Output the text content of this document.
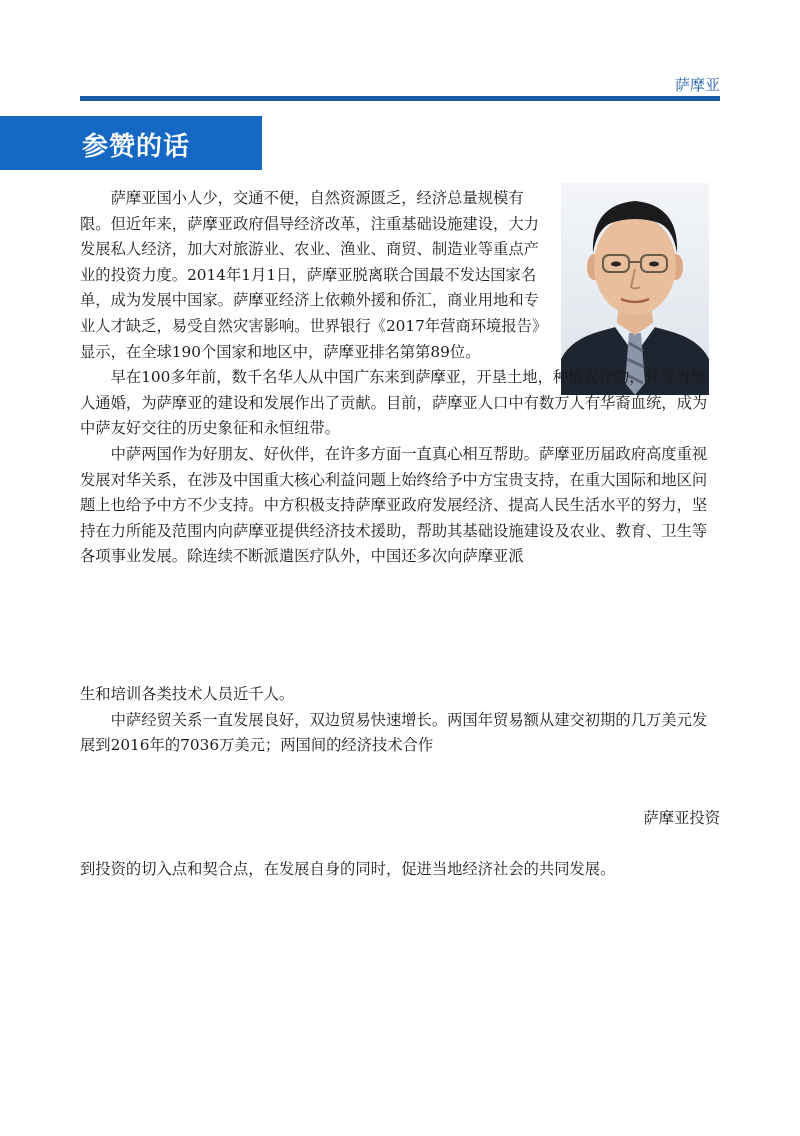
萨摩亚
参赞的话

萨摩亚国小人少，交通不便，自然资源匮乏，经济总量规模有限。但近年来，萨摩亚政府倡导经济改革，注重基础设施建设，大力发展私人经济，加大对旅游业、农业、渔业、商贸、制造业等重点产业的投资力度。2014年1月1日，萨摩亚脱离联合国最不发达国家名单，成为发展中国家。萨摩亚经济上依赖外援和侨汇，商业用地和专业人才缺乏，易受自然灾害影响。世界银行《2017年营商环境报告》显示，在全球190个国家和地区中，萨摩亚排名第第89位。

早在100多年前，数千名华人从中国广东来到萨摩亚，开垦土地，种植农作物，并与当地人通婚，为萨摩亚的建设和发展作出了贡献。目前，萨摩亚人口中有数万人有华裔血统，成为中萨友好交往的历史象征和永恒纽带。

中萨两国作为好朋友、好伙伴，在许多方面一直真心相互帮助。萨摩亚历届政府高度重视发展对华关系，在涉及中国重大核心利益问题上始终给予中方宝贵支持，在重大国际和地区问题上也给予中方不少支持。中方积极支持萨摩亚政府发展经济、提高人民生活水平的努力，坚持在力所能及范围内向萨摩亚提供经济技术援助，帮助其基础设施建设及农业、教育、卫生等各项事业发展。除连续不断派遣医疗队外，中国还多次向萨摩亚派

生和培训各类技术人员近千人。

中萨经贸关系一直发展良好，双边贸易快速增长。两国年贸易额从建交初期的几万美元发展到2016年的7036万美元；两国间的经济技术合作

萨摩亚投资

到投资的切入点和契合点，在发展自身的同时，促进当地经济社会的共同发展。
